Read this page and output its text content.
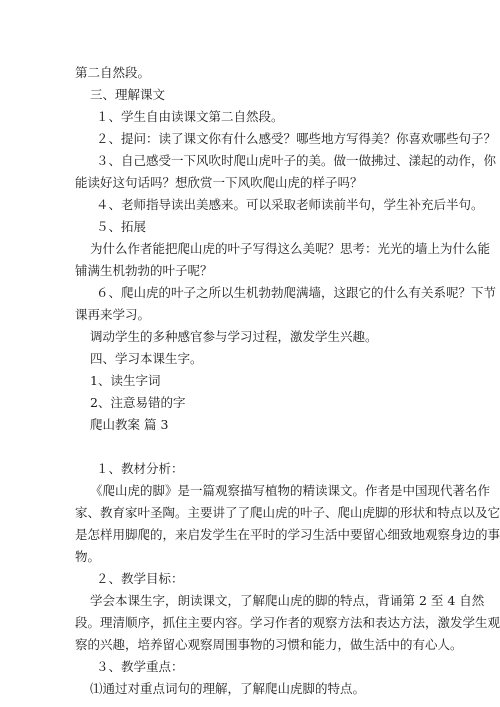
第二自然段。
三、理解课文
１、学生自由读课文第二自然段。
２、提问：读了课文你有什么感受？哪些地方写得美？你喜欢哪些句子？
３、自己感受一下风吹时爬山虎叶子的美。做一做拂过、漾起的动作，你
能读好这句话吗？想欣赏一下风吹爬山虎的样子吗？
４、老师指导读出美感来。可以采取老师读前半句，学生补充后半句。
５、拓展
为什么作者能把爬山虎的叶子写得这么美呢？思考：光光的墙上为什么能
铺满生机勃勃的叶子呢？
６、爬山虎的叶子之所以生机勃勃爬满墙，这跟它的什么有关系呢？下节
课再来学习。
调动学生的多种感官参与学习过程，激发学生兴趣。
四、学习本课生字。
1、读生字词
2、注意易错的字
爬山教案 篇 3
１、教材分析：
《爬山虎的脚》是一篇观察描写植物的精读课文。作者是中国现代著名作
家、教育家叶圣陶。主要讲了了爬山虎的叶子、爬山虎脚的形状和特点以及它
是怎样用脚爬的，来启发学生在平时的学习生活中要留心细致地观察身边的事
物。
２、教学目标：
学会本课生字，朗读课文，了解爬山虎的脚的特点，背诵第 2 至 4 自然
段。理清顺序，抓住主要内容。学习作者的观察方法和表达方法，激发学生观
察的兴趣，培养留心观察周围事物的习惯和能力，做生活中的有心人。
３、教学重点：
⑴通过对重点词句的理解，了解爬山虎脚的特点。
